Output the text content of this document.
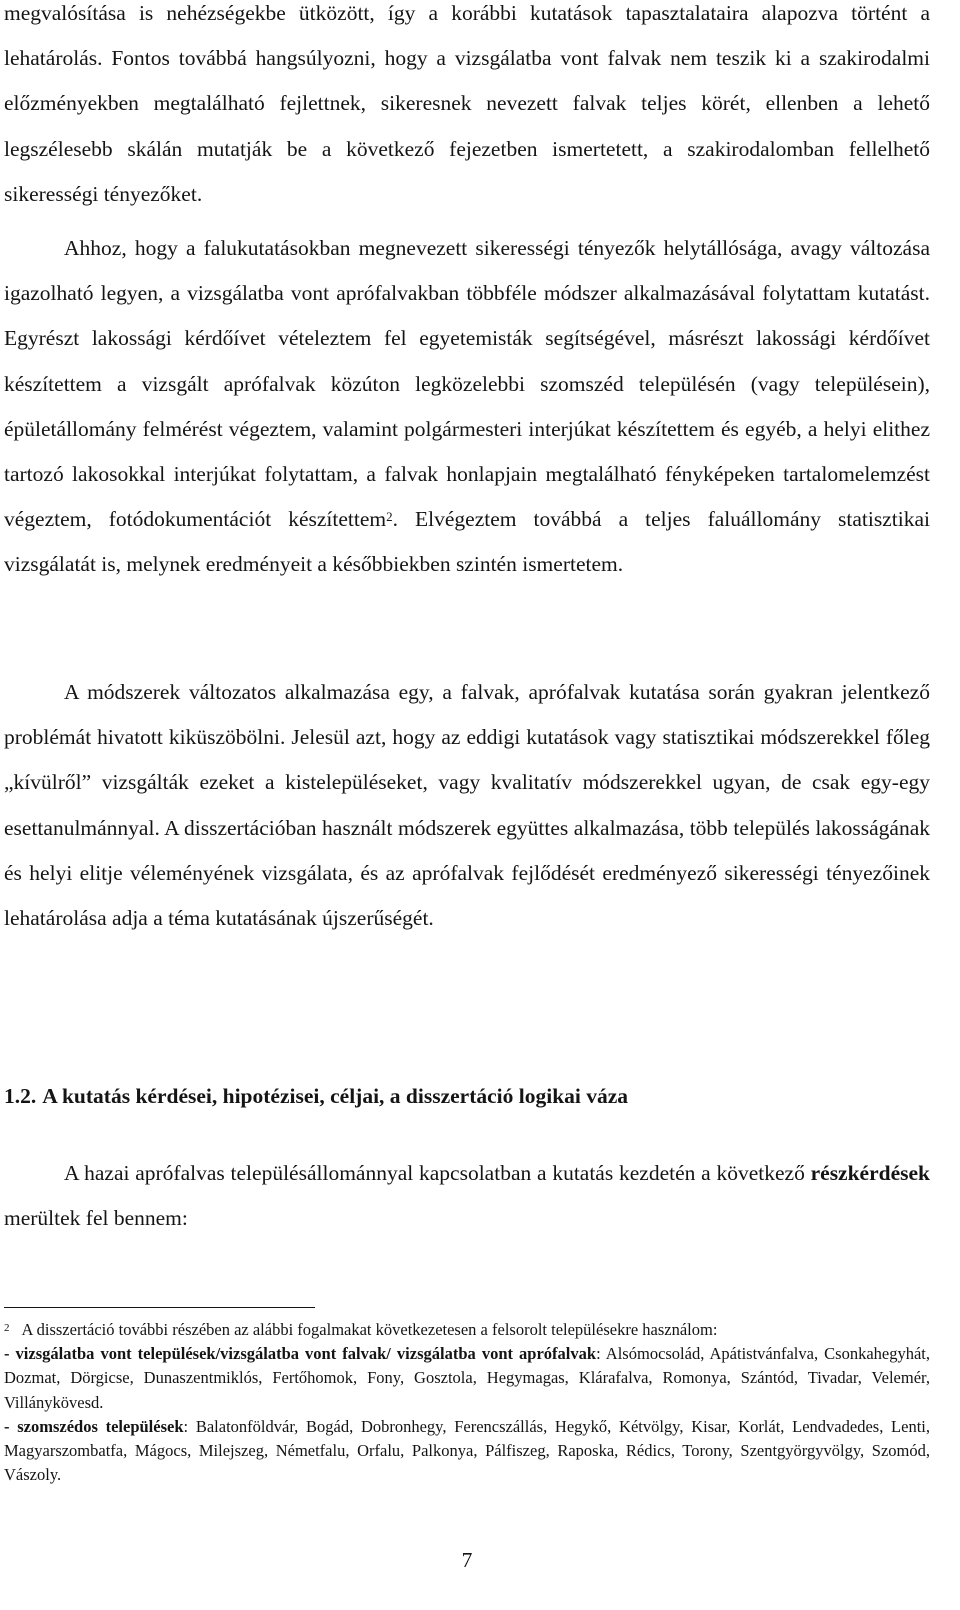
megvalósítása is nehézségekbe ütközött, így a korábbi kutatások tapasztalataira alapozva történt a lehatárolás. Fontos továbbá hangsúlyozni, hogy a vizsgálatba vont falvak nem teszik ki a szakirodalmi előzményekben megtalálható fejlettnek, sikeresnek nevezett falvak teljes körét, ellenben a lehető legszélesebb skálán mutatják be a következő fejezetben ismertetett, a szakirodalomban fellelhető sikerességi tényezőket.

Ahhoz, hogy a falukutatásokban megnevezett sikerességi tényezők helytállósága, avagy változása igazolható legyen, a vizsgálatba vont aprófalvakban többféle módszer alkalmazásával folytattam kutatást. Egyrészt lakossági kérdőívet vételeztem fel egyetemisták segítségével, másrészt lakossági kérdőívet készítettem a vizsgált aprófalvak közúton legközelebbi szomszéd településén (vagy településein), épületállomány felmérést végeztem, valamint polgármesteri interjúkat készítettem és egyéb, a helyi elithez tartozó lakosokkal interjúkat folytattam, a falvak honlapjain megtalálható fényképeken tartalomelemzést végeztem, fotódokumentációt készítettem$^2$. Elvégeztem továbbá a teljes faluállomány statisztikai vizsgálatát is, melynek eredményeit a későbbiekben szintén ismertetem.

A módszerek változatos alkalmazása egy, a falvak, aprófalvak kutatása során gyakran jelentkező problémát hivatott kiküszöbölni. Jelesül azt, hogy az eddigi kutatások vagy statisztikai módszerekkel főleg „kívülről” vizsgálták ezeket a kistelepüléseket, vagy kvalitatív módszerekkel ugyan, de csak egy-egy esettanulmánnyal. A disszertációban használt módszerek együttes alkalmazása, több település lakosságának és helyi elitje véleményének vizsgálata, és az aprófalvak fejlődését eredményező sikerességi tényezőinek lehatárolása adja a téma kutatásának újszerűségét.

1.2. A kutatás kérdései, hipotézisei, céljai, a disszertáció logikai váza

A hazai aprófalvas településállománnyal kapcsolatban a kutatás kezdetén a következő részkérdések merültek fel bennem:

$^2$ A disszertáció további részében az alábbi fogalmakat következetesen a felsorolt településekre használom:

- vizsgálatba vont települések/vizsgálatba vont falvak/ vizsgálatba vont aprófalvak: Alsómocsolád, Apátistvánfalva, Csonkahegyhát, Dozmat, Dörgicse, Dunaszentmiklós, Fertőhomok, Fony, Gosztola, Hegymagas, Klárafalva, Romonya, Szántód, Tivadar, Velemér, Villánykövesd.

- szomszédos települések: Balatonföldvár, Bogád, Dobronhegy, Ferencszállás, Hegykő, Kétvölgy, Kisar, Korlát, Lendvadedes, Lenti, Magyarszombatfa, Mágocs, Milejszeg, Németfalu, Orfalu, Palkonya, Pálfiszeg, Raposka, Rédics, Torony, Szentgyörgyvölgy, Szomód, Vászoly.

7
